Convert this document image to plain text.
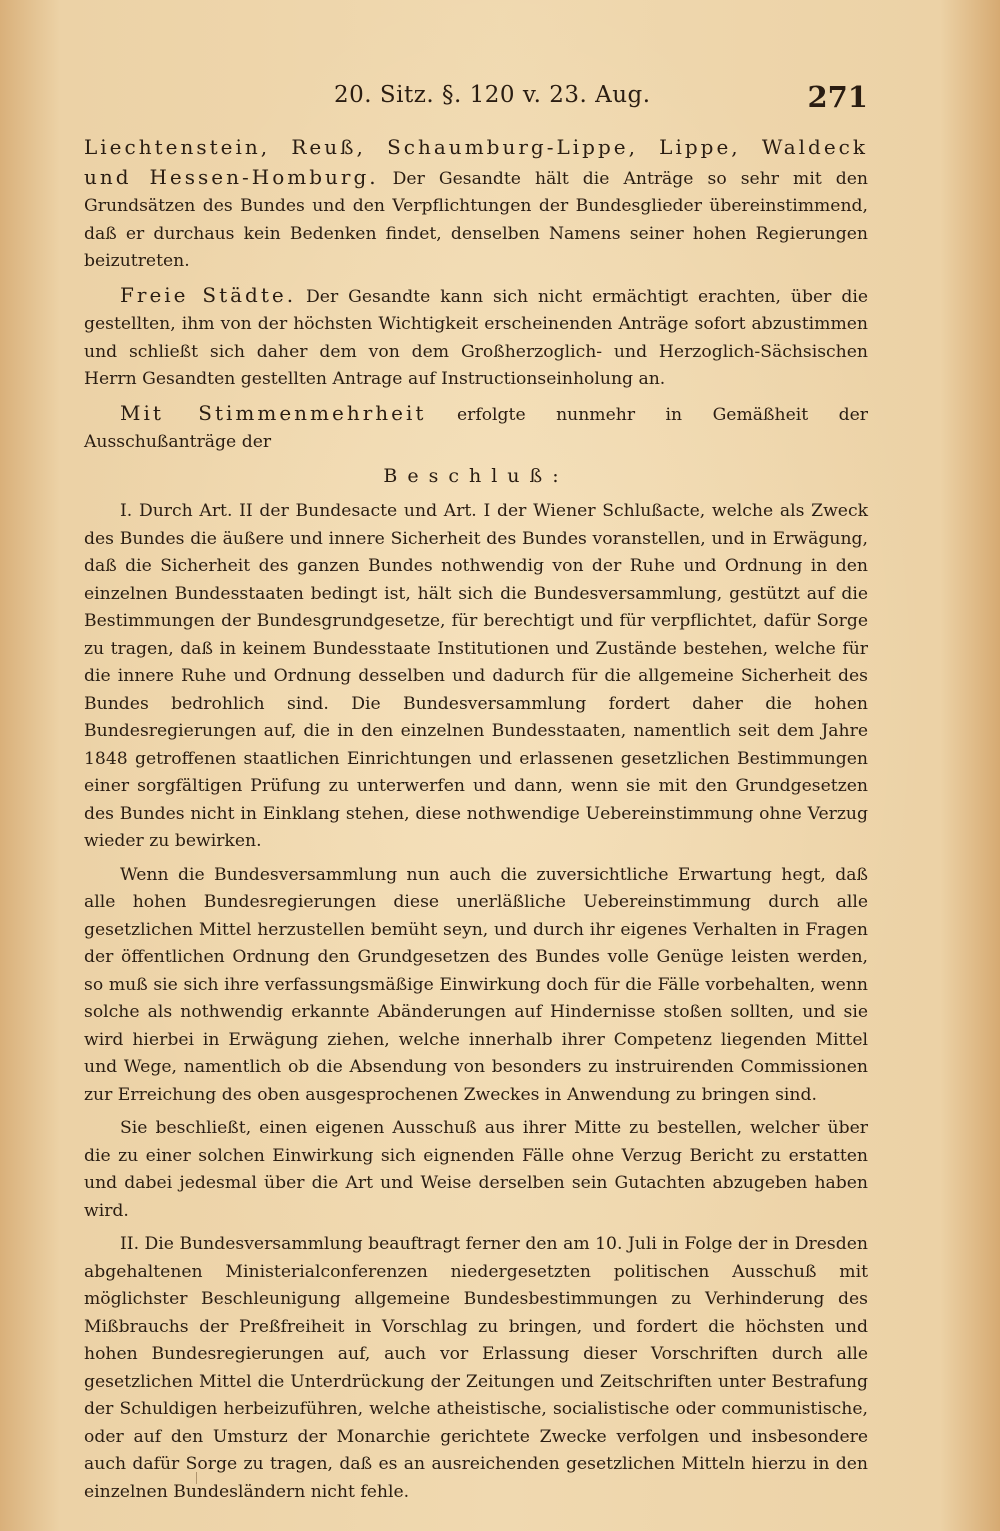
20. Sitz. §. 120 v. 23. Aug.	271

Liechtenstein, Reuß, Schaumburg-Lippe, Lippe, Waldeck und Hessen-Homburg. Der Gesandte hält die Anträge so sehr mit den Grundsätzen des Bundes und den Verpflichtungen der Bundesglieder übereinstimmend, daß er durchaus kein Bedenken findet, denselben Namens seiner hohen Regierungen beizutreten.

Freie Städte. Der Gesandte kann sich nicht ermächtigt erachten, über die gestellten, ihm von der höchsten Wichtigkeit erscheinenden Anträge sofort abzustimmen und schließt sich daher dem von dem Großherzoglich- und Herzoglich-Sächsischen Herrn Gesandten gestellten Antrage auf Instructionseinholung an.

Mit Stimmenmehrheit erfolgte nunmehr in Gemäßheit der Ausschußanträge der

Beschluß:

I. Durch Art. II der Bundesacte und Art. I der Wiener Schlußacte, welche als Zweck des Bundes die äußere und innere Sicherheit des Bundes voranstellen, und in Erwägung, daß die Sicherheit des ganzen Bundes nothwendig von der Ruhe und Ordnung in den einzelnen Bundesstaaten bedingt ist, hält sich die Bundesversammlung, gestützt auf die Bestimmungen der Bundesgrundgesetze, für berechtigt und für verpflichtet, dafür Sorge zu tragen, daß in keinem Bundesstaate Institutionen und Zustände bestehen, welche für die innere Ruhe und Ordnung desselben und dadurch für die allgemeine Sicherheit des Bundes bedrohlich sind. Die Bundesversammlung fordert daher die hohen Bundesregierungen auf, die in den einzelnen Bundesstaaten, namentlich seit dem Jahre 1848 getroffenen staatlichen Einrichtungen und erlassenen gesetzlichen Bestimmungen einer sorgfältigen Prüfung zu unterwerfen und dann, wenn sie mit den Grundgesetzen des Bundes nicht in Einklang stehen, diese nothwendige Uebereinstimmung ohne Verzug wieder zu bewirken.

Wenn die Bundesversammlung nun auch die zuversichtliche Erwartung hegt, daß alle hohen Bundesregierungen diese unerläßliche Uebereinstimmung durch alle gesetzlichen Mittel herzustellen bemüht seyn, und durch ihr eigenes Verhalten in Fragen der öffentlichen Ordnung den Grundgesetzen des Bundes volle Genüge leisten werden, so muß sie sich ihre verfassungsmäßige Einwirkung doch für die Fälle vorbehalten, wenn solche als nothwendig erkannte Abänderungen auf Hindernisse stoßen sollten, und sie wird hierbei in Erwägung ziehen, welche innerhalb ihrer Competenz liegenden Mittel und Wege, namentlich ob die Absendung von besonders zu instruirenden Commissionen zur Erreichung des oben ausgesprochenen Zweckes in Anwendung zu bringen sind.

Sie beschließt, einen eigenen Ausschuß aus ihrer Mitte zu bestellen, welcher über die zu einer solchen Einwirkung sich eignenden Fälle ohne Verzug Bericht zu erstatten und dabei jedesmal über die Art und Weise derselben sein Gutachten abzugeben haben wird.

II. Die Bundesversammlung beauftragt ferner den am 10. Juli in Folge der in Dresden abgehaltenen Ministerialconferenzen niedergesetzten politischen Ausschuß mit möglichster Beschleunigung allgemeine Bundesbestimmungen zu Verhinderung des Mißbrauchs der Preßfreiheit in Vorschlag zu bringen, und fordert die höchsten und hohen Bundesregierungen auf, auch vor Erlassung dieser Vorschriften durch alle gesetzlichen Mittel die Unterdrückung der Zeitungen und Zeitschriften unter Bestrafung der Schuldigen herbeizuführen, welche atheistische, socialistische oder communistische, oder auf den Umsturz der Monarchie gerichtete Zwecke verfolgen und insbesondere auch dafür Sorge zu tragen, daß es an ausreichenden gesetzlichen Mitteln hierzu in den einzelnen Bundesländern nicht fehle.
